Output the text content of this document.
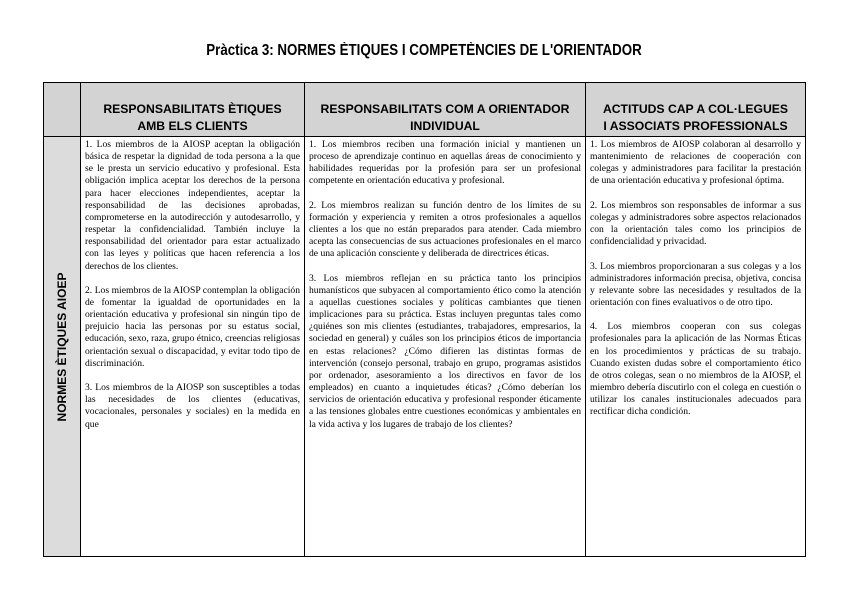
Pràctica 3: NORMES ÈTIQUES I COMPETÈNCIES DE L'ORIENTADOR
NORMES ÈTIQUES AIOEP
RESPONSABILITATS ÈTIQUES
AMB ELS CLIENTS
RESPONSABILITATS COM A ORIENTADOR
INDIVIDUAL
ACTITUDS CAP A COL·LEGUES
I ASSOCIATS PROFESSIONALS

1. Los miembros de la AIOSP aceptan la obligación básica de respetar la dignidad de toda persona a la que se le presta un servicio educativo y profesional. Esta obligación implica aceptar los derechos de la persona para hacer elecciones independientes, aceptar la responsabilidad de las decisiones aprobadas, comprometerse en la autodirección y autodesarrollo, y respetar la confidencialidad. También incluye la responsabilidad del orientador para estar actualizado con las leyes y políticas que hacen referencia a los derechos de los clientes.

2. Los miembros de la AIOSP contemplan la obligación de fomentar la igualdad de oportunidades en la orientación educativa y profesional sin ningún tipo de prejuicio hacia las personas por su estatus social, educación, sexo, raza, grupo étnico, creencias religiosas orientación sexual o discapacidad, y evitar todo tipo de discriminación.

3. Los miembros de la AIOSP son susceptibles a todas las necesidades de los clientes (educativas, vocacionales, personales y sociales) en la medida en que

1. Los miembros reciben una formación inicial y mantienen un proceso de aprendizaje continuo en aquellas áreas de conocimiento y habilidades requeridas por la profesión para ser un profesional competente en orientación educativa y profesional.

2. Los miembros realizan su función dentro de los límites de su formación y experiencia y remiten a otros profesionales a aquellos clientes a los que no están preparados para atender. Cada miembro acepta las consecuencias de sus actuaciones profesionales en el marco de una aplicación consciente y deliberada de directrices éticas.

3. Los miembros reflejan en su práctica tanto los principios humanísticos que subyacen al comportamiento ético como la atención a aquellas cuestiones sociales y políticas cambiantes que tienen implicaciones para su práctica. Estas incluyen preguntas tales como ¿quiénes son mis clientes (estudiantes, trabajadores, empresarios, la sociedad en general) y cuáles son los principios éticos de importancia en estas relaciones? ¿Cómo difieren las distintas formas de intervención (consejo personal, trabajo en grupo, programas asistidos por ordenador, asesoramiento a los directivos en favor de los empleados) en cuanto a inquietudes éticas? ¿Cómo deberían los servicios de orientación educativa y profesional responder éticamente a las tensiones globales entre cuestiones económicas y ambientales en la vida activa y los lugares de trabajo de los clientes?

1. Los miembros de AIOSP colaboran al desarrollo y mantenimiento de relaciones de cooperación con colegas y administradores para facilitar la prestación de una orientación educativa y profesional óptima.

2. Los miembros son responsables de informar a sus colegas y administradores sobre aspectos relacionados con la orientación tales como los principios de confidencialidad y privacidad.

3. Los miembros proporcionaran a sus colegas y a los administradores información precisa, objetiva, concisa y relevante sobre las necesidades y resultados de la orientación con fines evaluativos o de otro tipo.

4. Los miembros cooperan con sus colegas profesionales para la aplicación de las Normas Éticas en los procedimientos y prácticas de su trabajo. Cuando existen dudas sobre el comportamiento ético de otros colegas, sean o no miembros de la AIOSP, el miembro debería discutirlo con el colega en cuestión o utilizar los canales institucionales adecuados para rectificar dicha condición.
